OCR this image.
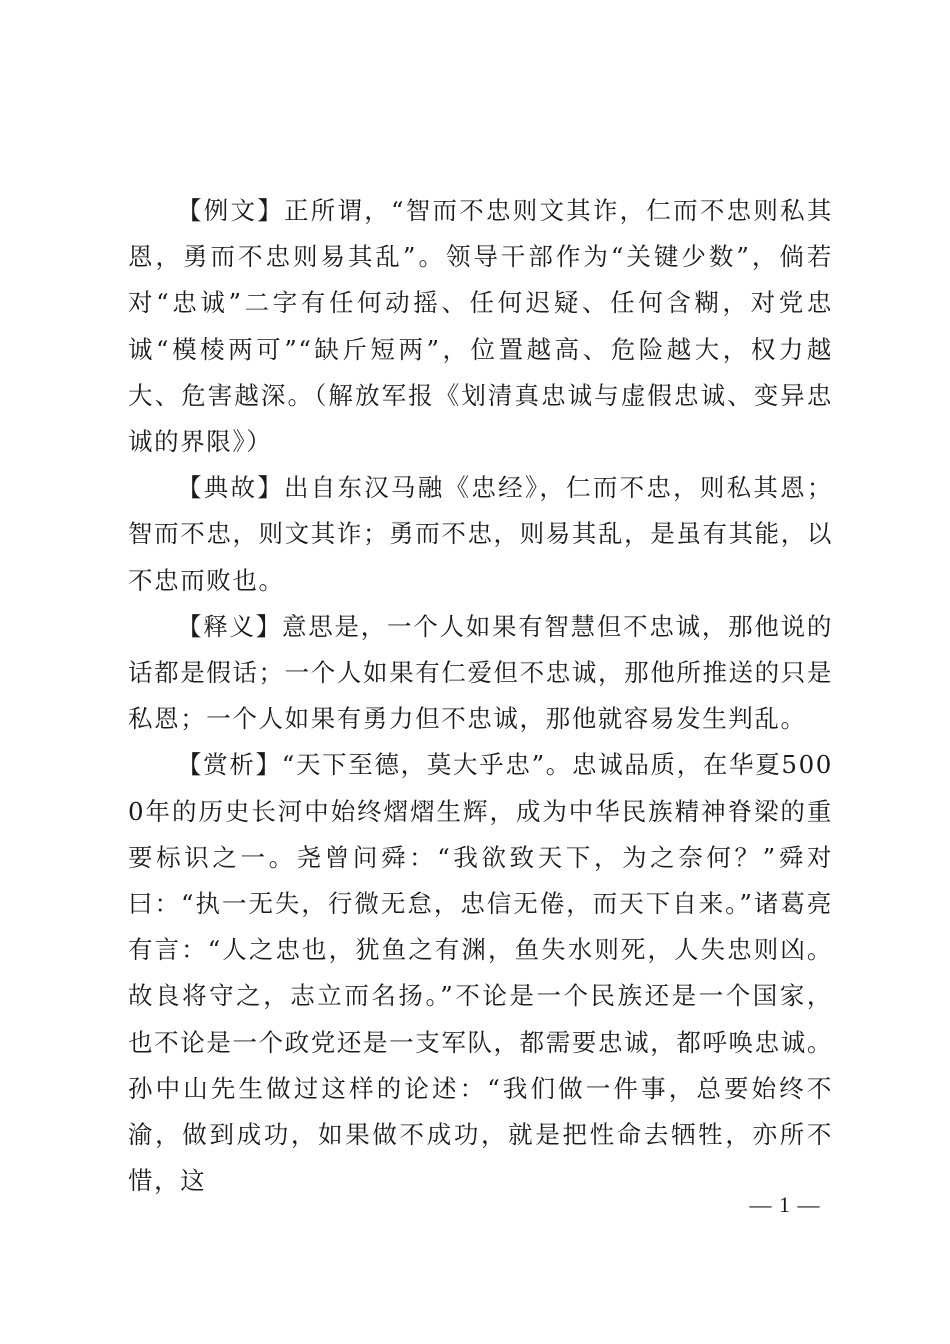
【例文】正所谓，“智而不忠则文其诈，仁而不忠则私其恩，勇而不忠则易其乱”。领导干部作为“关键少数”，倘若对“忠诚”二字有任何动摇、任何迟疑、任何含糊，对党忠诚“模棱两可”“缺斤短两”，位置越高、危险越大，权力越大、危害越深。（解放军报《划清真忠诚与虚假忠诚、变异忠诚的界限》）

【典故】出自东汉马融《忠经》，仁而不忠，则私其恩；智而不忠，则文其诈；勇而不忠，则易其乱，是虽有其能，以不忠而败也。

【释义】意思是，一个人如果有智慧但不忠诚，那他说的话都是假话；一个人如果有仁爱但不忠诚，那他所推送的只是私恩；一个人如果有勇力但不忠诚，那他就容易发生判乱。

【赏析】“天下至德，莫大乎忠”。忠诚品质，在华夏5000年的历史长河中始终熠熠生辉，成为中华民族精神脊梁的重要标识之一。尧曾问舜：“我欲致天下，为之奈何？”舜对曰：“执一无失，行微无怠，忠信无倦，而天下自来。”诸葛亮有言：“人之忠也，犹鱼之有渊，鱼失水则死，人失忠则凶。故良将守之，志立而名扬。”不论是一个民族还是一个国家，也不论是一个政党还是一支军队，都需要忠诚，都呼唤忠诚。孙中山先生做过这样的论述：“我们做一件事，总要始终不渝，做到成功，如果做不成功，就是把性命去牺牲，亦所不惜，这

— 1 —
